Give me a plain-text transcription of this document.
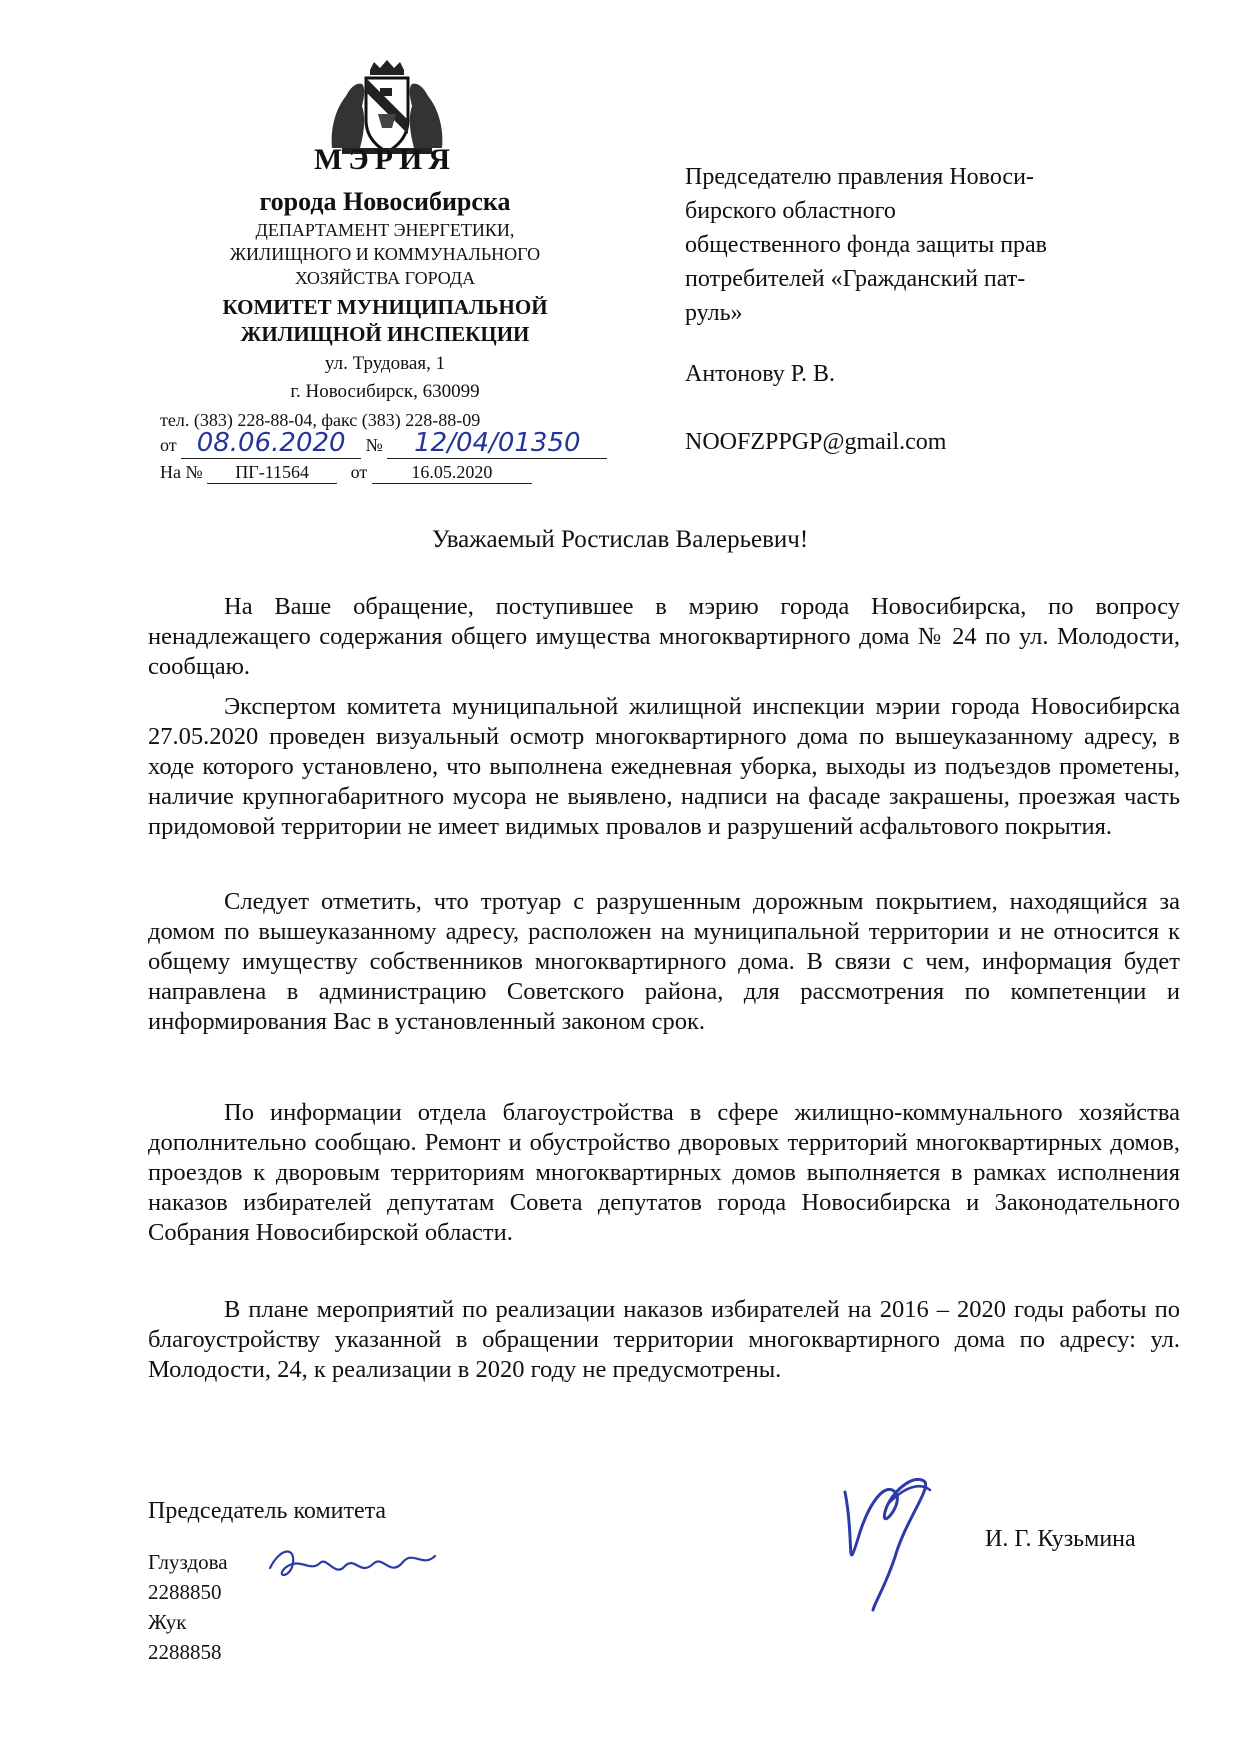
МЭРИЯ
города Новосибирска
ДЕПАРТАМЕНТ ЭНЕРГЕТИКИ,
ЖИЛИЩНОГО И КОММУНАЛЬНОГО
ХОЗЯЙСТВА ГОРОДА
КОМИТЕТ МУНИЦИПАЛЬНОЙ
ЖИЛИЩНОЙ ИНСПЕКЦИИ
ул. Трудовая, 1
г. Новосибирск, 630099
тел. (383) 228-88-04, факс (383) 228-88-09
от 08.06.2020 № 12/04/01350
На № ПГ-11564 от 16.05.2020
Председателю правления Новоси-
бирского областного
общественного фонда защиты прав
потребителей «Гражданский пат-
руль»
Антонову Р. В.
NOOFZPPGP@gmail.com
Уважаемый Ростислав Валерьевич!

На Ваше обращение, поступившее в мэрию города Новосибирска, по вопросу ненадлежащего содержания общего имущества многоквартирного дома № 24 по ул. Молодости, сообщаю.

Экспертом комитета муниципальной жилищной инспекции мэрии города Новосибирска 27.05.2020 проведен визуальный осмотр многоквартирного дома по вышеуказанному адресу, в ходе которого установлено, что выполнена ежедневная уборка, выходы из подъездов прометены, наличие крупногабаритного мусора не выявлено, надписи на фасаде закрашены, проезжая часть придомовой территории не имеет видимых провалов и разрушений асфальтового покрытия.

Следует отметить, что тротуар с разрушенным дорожным покрытием, находящийся за домом по вышеуказанному адресу, расположен на муниципальной территории и не относится к общему имуществу собственников многоквартирного дома. В связи с чем, информация будет направлена в администрацию Советского района, для рассмотрения по компетенции и информирования Вас в установленный законом срок.

По информации отдела благоустройства в сфере жилищно-коммунального хозяйства дополнительно сообщаю. Ремонт и обустройство дворовых территорий многоквартирных домов, проездов к дворовым территориям многоквартирных домов выполняется в рамках исполнения наказов избирателей депутатам Совета депутатов города Новосибирска и Законодательного Собрания Новосибирской области.

В плане мероприятий по реализации наказов избирателей на 2016 – 2020 годы работы по благоустройству указанной в обращении территории многоквартирного дома по адресу: ул. Молодости, 24, к реализации в 2020 году не предусмотрены.

Председатель комитета
И. Г. Кузьмина
Глуздова
2288850
Жук
2288858
